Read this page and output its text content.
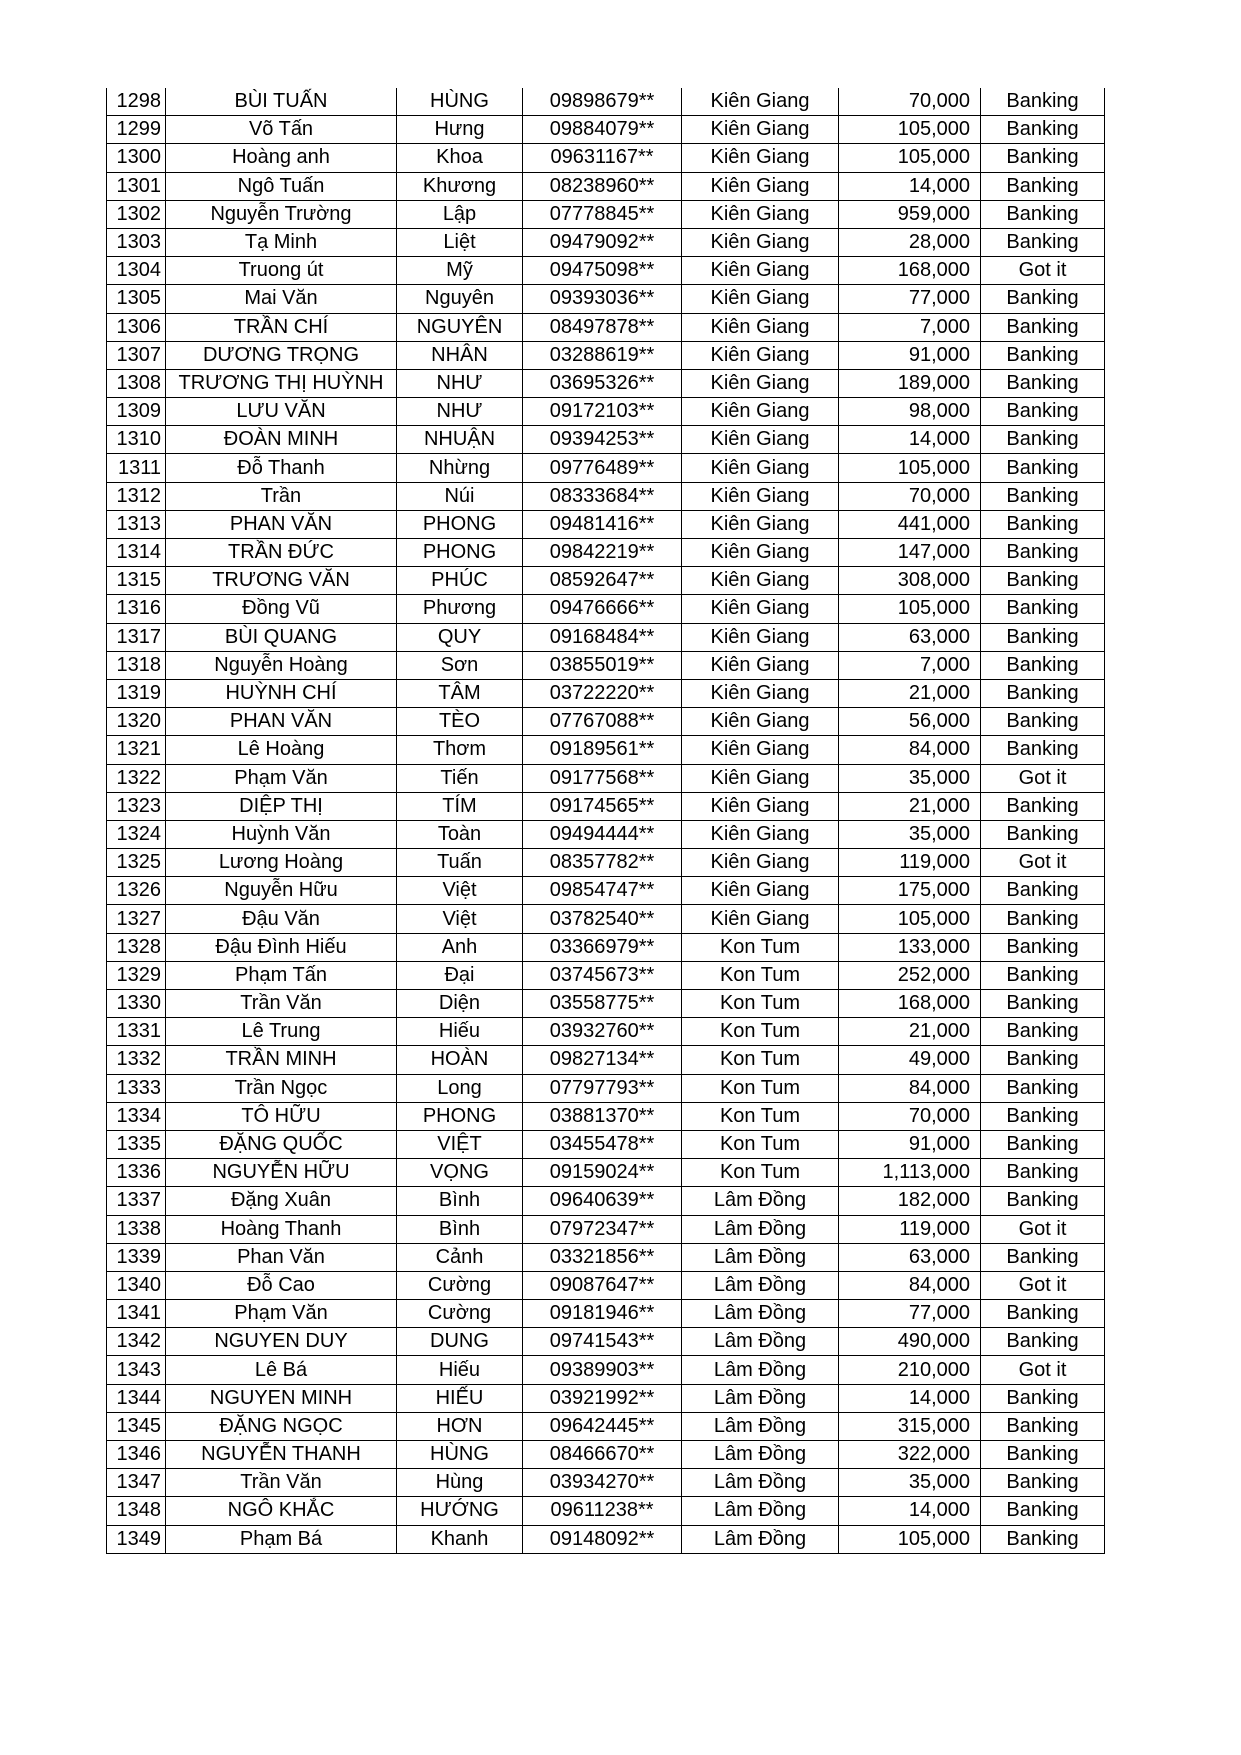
1298	BÙI TUẤN	HÙNG	09898679**	Kiên Giang	70,000	Banking
1299	Võ Tấn	Hưng	09884079**	Kiên Giang	105,000	Banking
1300	Hoàng anh	Khoa	09631167**	Kiên Giang	105,000	Banking
1301	Ngô Tuấn	Khương	08238960**	Kiên Giang	14,000	Banking
1302	Nguyễn Trường	Lập	07778845**	Kiên Giang	959,000	Banking
1303	Tạ Minh	Liệt	09479092**	Kiên Giang	28,000	Banking
1304	Truong út	Mỹ	09475098**	Kiên Giang	168,000	Got it
1305	Mai Văn	Nguyên	09393036**	Kiên Giang	77,000	Banking
1306	TRẦN CHÍ	NGUYÊN	08497878**	Kiên Giang	7,000	Banking
1307	DƯƠNG TRỌNG	NHÂN	03288619**	Kiên Giang	91,000	Banking
1308	TRƯƠNG THỊ HUỲNH	NHƯ	03695326**	Kiên Giang	189,000	Banking
1309	LƯU VĂN	NHƯ	09172103**	Kiên Giang	98,000	Banking
1310	ĐOÀN MINH	NHUẬN	09394253**	Kiên Giang	14,000	Banking
1311	Đỗ Thanh	Nhừng	09776489**	Kiên Giang	105,000	Banking
1312	Trần	Núi	08333684**	Kiên Giang	70,000	Banking
1313	PHAN VĂN	PHONG	09481416**	Kiên Giang	441,000	Banking
1314	TRẦN ĐỨC	PHONG	09842219**	Kiên Giang	147,000	Banking
1315	TRƯƠNG VĂN	PHÚC	08592647**	Kiên Giang	308,000	Banking
1316	Đồng Vũ	Phương	09476666**	Kiên Giang	105,000	Banking
1317	BÙI QUANG	QUY	09168484**	Kiên Giang	63,000	Banking
1318	Nguyễn Hoàng	Sơn	03855019**	Kiên Giang	7,000	Banking
1319	HUỲNH CHÍ	TÂM	03722220**	Kiên Giang	21,000	Banking
1320	PHAN VĂN	TÈO	07767088**	Kiên Giang	56,000	Banking
1321	Lê Hoàng	Thơm	09189561**	Kiên Giang	84,000	Banking
1322	Phạm Văn	Tiến	09177568**	Kiên Giang	35,000	Got it
1323	DIỆP THỊ	TÍM	09174565**	Kiên Giang	21,000	Banking
1324	Huỳnh Văn	Toàn	09494444**	Kiên Giang	35,000	Banking
1325	Lương Hoàng	Tuấn	08357782**	Kiên Giang	119,000	Got it
1326	Nguyễn Hữu	Việt	09854747**	Kiên Giang	175,000	Banking
1327	Đậu Văn	Việt	03782540**	Kiên Giang	105,000	Banking
1328	Đậu Đình Hiếu	Anh	03366979**	Kon Tum	133,000	Banking
1329	Phạm Tấn	Đại	03745673**	Kon Tum	252,000	Banking
1330	Trần Văn	Diện	03558775**	Kon Tum	168,000	Banking
1331	Lê Trung	Hiếu	03932760**	Kon Tum	21,000	Banking
1332	TRẦN MINH	HOÀN	09827134**	Kon Tum	49,000	Banking
1333	Trần Ngọc	Long	07797793**	Kon Tum	84,000	Banking
1334	TÔ HỮU	PHONG	03881370**	Kon Tum	70,000	Banking
1335	ĐẶNG QUỐC	VIỆT	03455478**	Kon Tum	91,000	Banking
1336	NGUYỄN HỮU	VỌNG	09159024**	Kon Tum	1,113,000	Banking
1337	Đặng Xuân	Bình	09640639**	Lâm Đồng	182,000	Banking
1338	Hoàng Thanh	Bình	07972347**	Lâm Đồng	119,000	Got it
1339	Phan Văn	Cảnh	03321856**	Lâm Đồng	63,000	Banking
1340	Đỗ Cao	Cường	09087647**	Lâm Đồng	84,000	Got it
1341	Phạm Văn	Cường	09181946**	Lâm Đồng	77,000	Banking
1342	NGUYEN DUY	DUNG	09741543**	Lâm Đồng	490,000	Banking
1343	Lê Bá	Hiếu	09389903**	Lâm Đồng	210,000	Got it
1344	NGUYEN MINH	HIẾU	03921992**	Lâm Đồng	14,000	Banking
1345	ĐẶNG NGỌC	HƠN	09642445**	Lâm Đồng	315,000	Banking
1346	NGUYỄN THANH	HÙNG	08466670**	Lâm Đồng	322,000	Banking
1347	Trần Văn	Hùng	03934270**	Lâm Đồng	35,000	Banking
1348	NGÔ KHẮC	HƯỚNG	09611238**	Lâm Đồng	14,000	Banking
1349	Phạm Bá	Khanh	09148092**	Lâm Đồng	105,000	Banking
